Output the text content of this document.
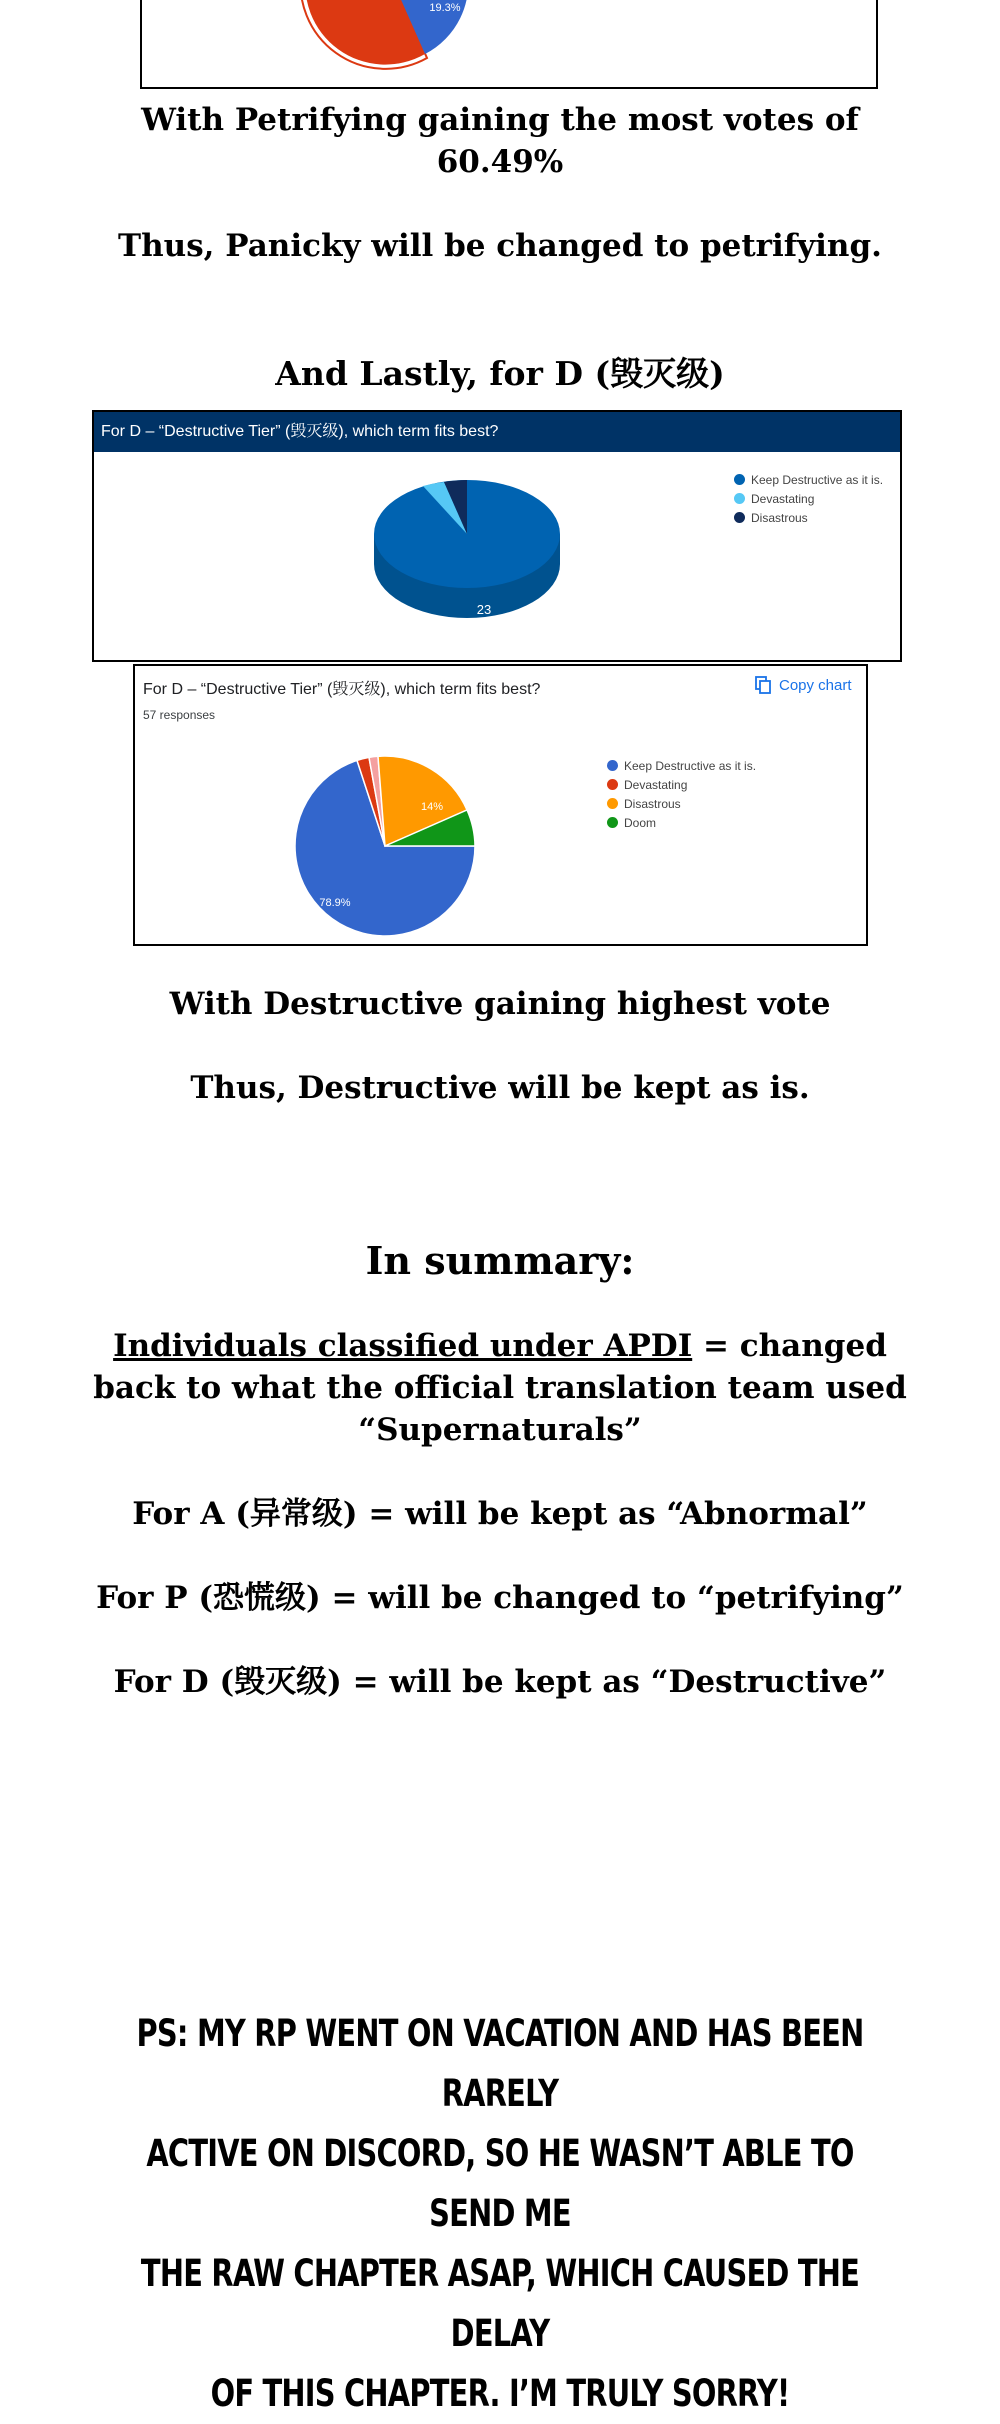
19.3%
With Petrifying gaining the most votes of
60.49%
Thus, Panicky will be changed to petrifying.
And Lastly, for D (毁灭级)
For D – “Destructive Tier” (毁灭级), which term fits best?
23
Keep Destructive as it is.
Devastating
Disastrous
For D – “Destructive Tier” (毁灭级), which term fits best?	Copy chart
57 responses
78.9%
14%
Keep Destructive as it is.
Devastating
Disastrous
Doom
With Destructive gaining highest vote
Thus, Destructive will be kept as is.
In summary:
Individuals classified under APDI = changed
back to what the official translation team used
“Supernaturals”
For A (异常级) = will be kept as “Abnormal”
For P (恐慌级) = will be changed to “petrifying”
For D (毁灭级) = will be kept as “Destructive”
PS: MY RP WENT ON VACATION AND HAS BEEN RARELY
ACTIVE ON DISCORD, SO HE WASN’T ABLE TO SEND ME
THE RAW CHAPTER ASAP, WHICH CAUSED THE DELAY
OF THIS CHAPTER. I’M TRULY SORRY!
